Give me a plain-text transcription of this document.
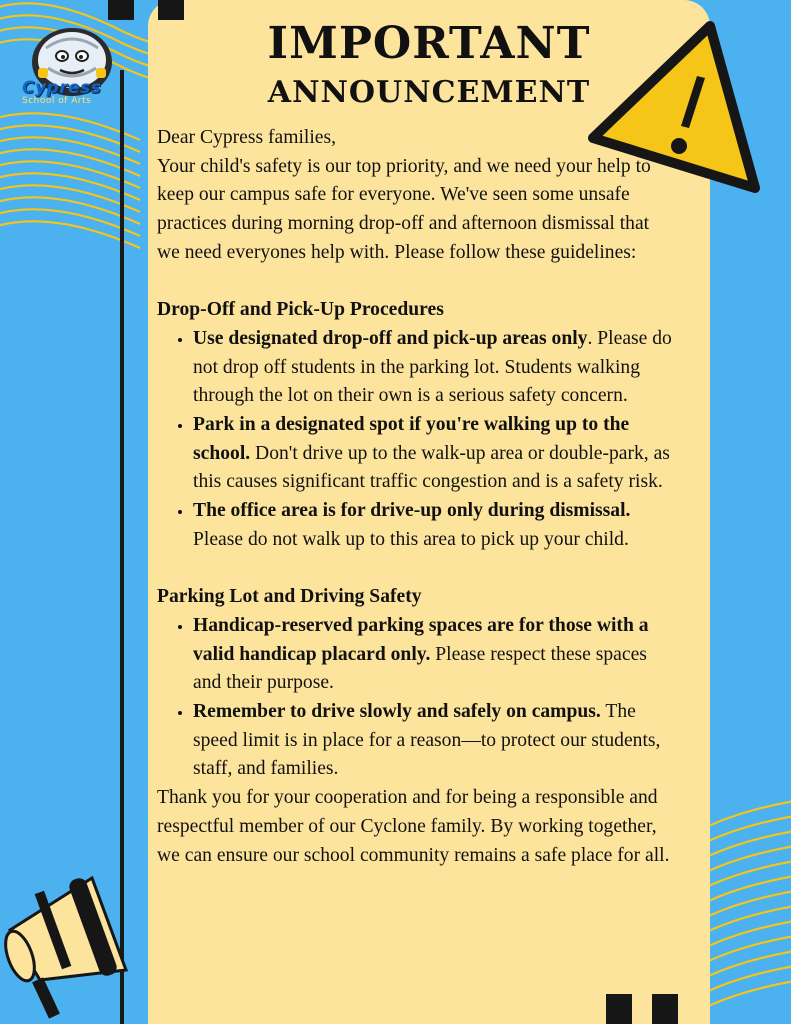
Cypress
School of Arts
IMPORTANT
ANNOUNCEMENT

Dear Cypress families,

Your child's safety is our top priority, and we need your help to keep our campus safe for everyone. We've seen some unsafe practices during morning drop-off and afternoon dismissal that we need everyones help with. Please follow these guidelines:

Drop-Off and Pick-Up Procedures
• Use designated drop-off and pick-up areas only. Please do not drop off students in the parking lot. Students walking through the lot on their own is a serious safety concern.
• Park in a designated spot if you're walking up to the school. Don't drive up to the walk-up area or double-park, as this causes significant traffic congestion and is a safety risk.
• The office area is for drive-up only during dismissal. Please do not walk up to this area to pick up your child.
Parking Lot and Driving Safety
• Handicap-reserved parking spaces are for those with a valid handicap placard only. Please respect these spaces and their purpose.
• Remember to drive slowly and safely on campus. The speed limit is in place for a reason—to protect our students, staff, and families.

Thank you for your cooperation and for being a responsible and respectful member of our Cyclone family. By working together, we can ensure our school community remains a safe place for all.
